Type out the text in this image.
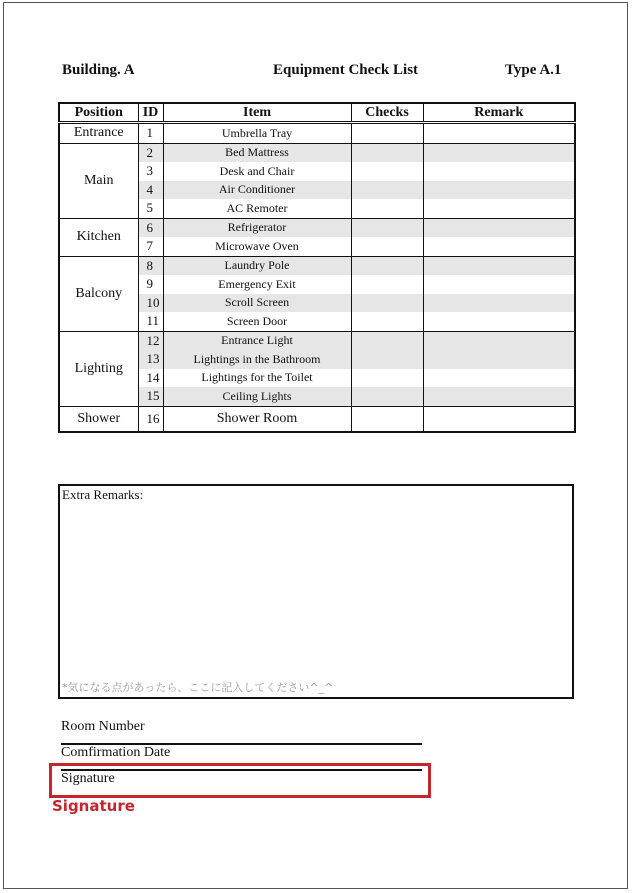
Building. A	Equipment Check List	Type A.1
Position	ID	Item	Checks	Remark
Entrance	1	Umbrella Tray		
Main	2	Bed Mattress		
	3	Desk and Chair		
	4	Air Conditioner		
	5	AC Remoter		
Kitchen	6	Refrigerator		
	7	Microwave Oven		
Balcony	8	Laundry Pole		
	9	Emergency Exit		
	10	Scroll Screen		
	11	Screen Door		
Lighting	12	Entrance Light		
	13	Lightings in the Bathroom		
	14	Lightings for the Toilet		
	15	Ceiling Lights		
Shower	16	Shower Room		
Extra Remarks:
*気になる点があったら、ここに記入してください^_^
Room Number
Comfirmation Date
Signature
Signature
